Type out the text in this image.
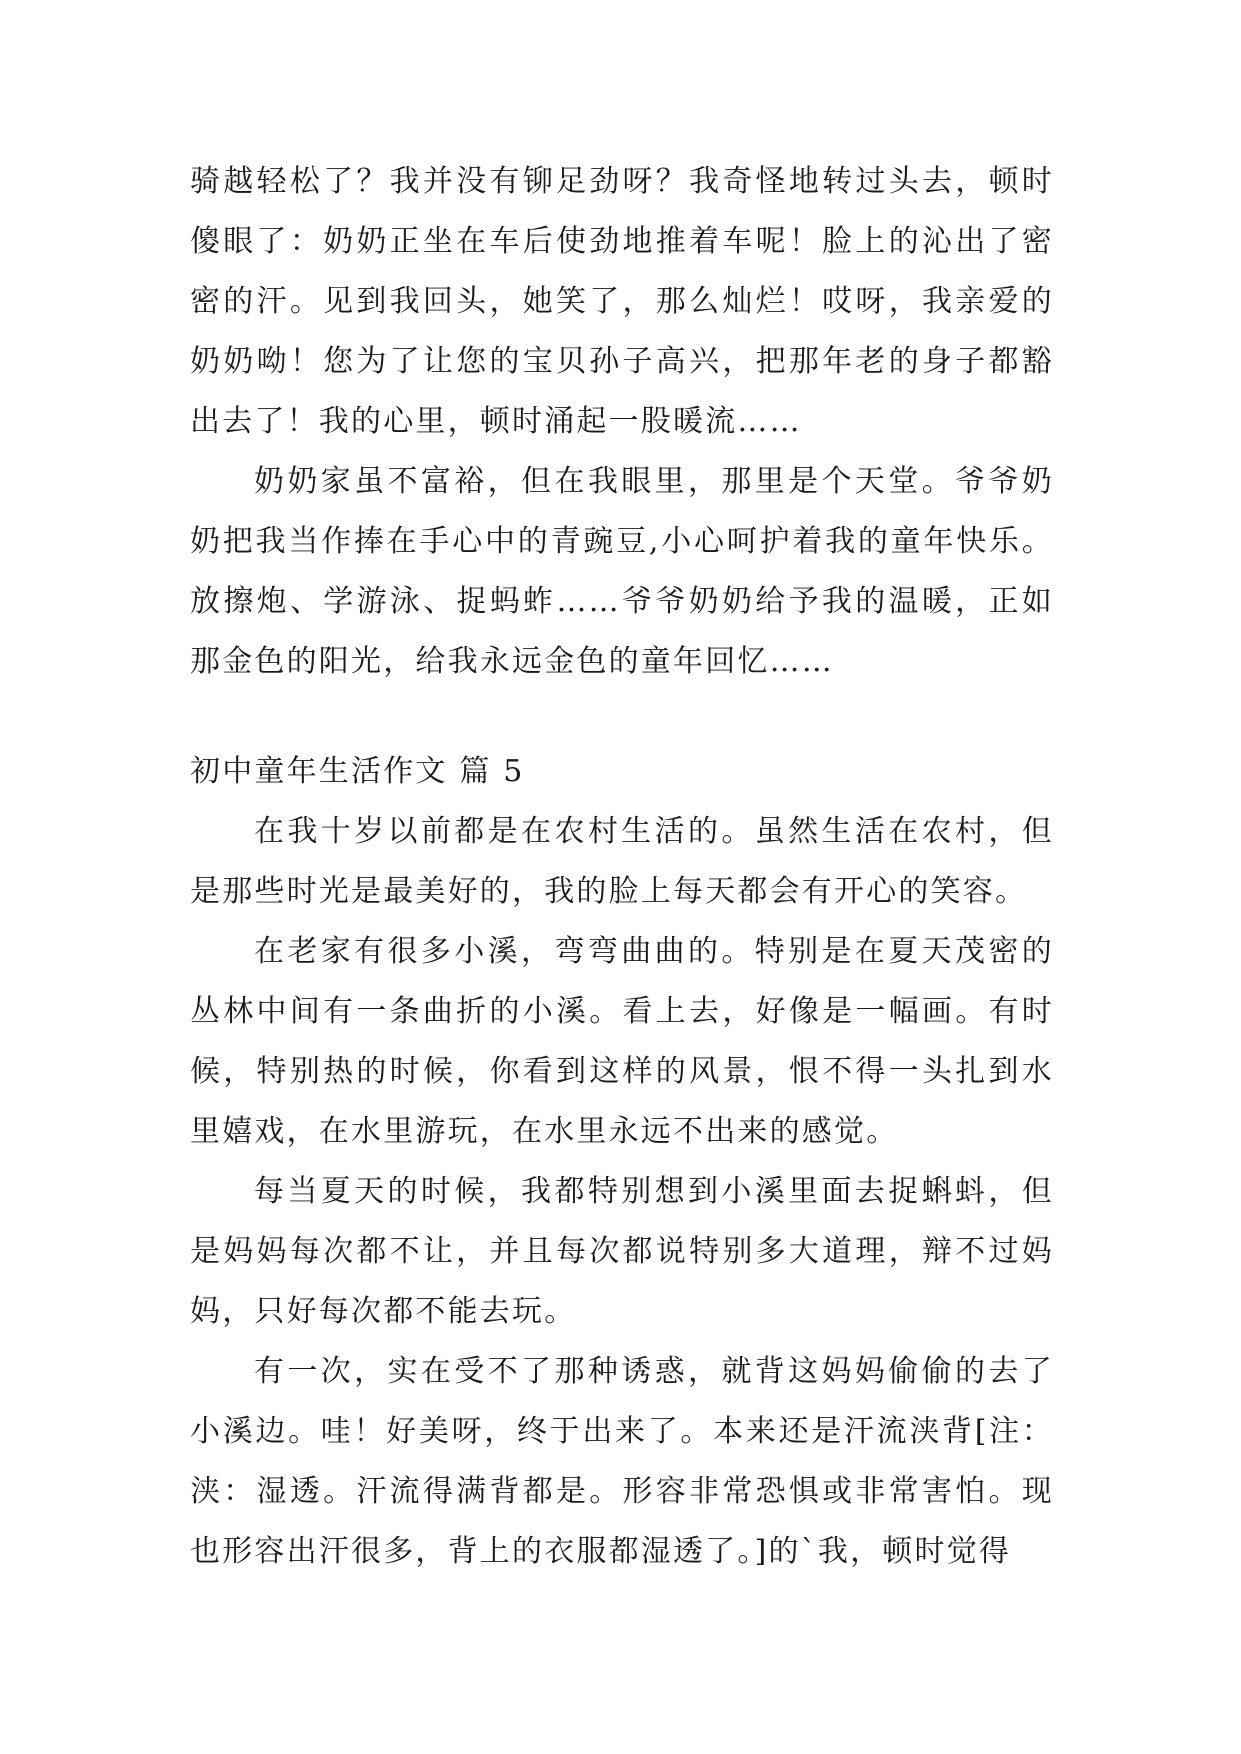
骑越轻松了？我并没有铆足劲呀？我奇怪地转过头去，顿时傻眼了：奶奶正坐在车后使劲地推着车呢！脸上的沁出了密密的汗。见到我回头，她笑了，那么灿烂！哎呀，我亲爱的奶奶呦！您为了让您的宝贝孙子高兴，把那年老的身子都豁出去了！我的心里，顿时涌起一股暖流……

奶奶家虽不富裕，但在我眼里，那里是个天堂。爷爷奶奶把我当作捧在手心中的青豌豆,小心呵护着我的童年快乐。放擦炮、学游泳、捉蚂蚱……爷爷奶奶给予我的温暖，正如那金色的阳光，给我永远金色的童年回忆……

初中童年生活作文 篇 5

在我十岁以前都是在农村生活的。虽然生活在农村，但是那些时光是最美好的，我的脸上每天都会有开心的笑容。

在老家有很多小溪，弯弯曲曲的。特别是在夏天茂密的丛林中间有一条曲折的小溪。看上去，好像是一幅画。有时候，特别热的时候，你看到这样的风景，恨不得一头扎到水里嬉戏，在水里游玩，在水里永远不出来的感觉。

每当夏天的时候，我都特别想到小溪里面去捉蝌蚪，但是妈妈每次都不让，并且每次都说特别多大道理，辩不过妈妈，只好每次都不能去玩。

有一次，实在受不了那种诱惑，就背这妈妈偷偷的去了小溪边。哇！好美呀，终于出来了。本来还是汗流浃背[注：浃：湿透。汗流得满背都是。形容非常恐惧或非常害怕。现也形容出汗很多，背上的衣服都湿透了。]的`我，顿时觉得
